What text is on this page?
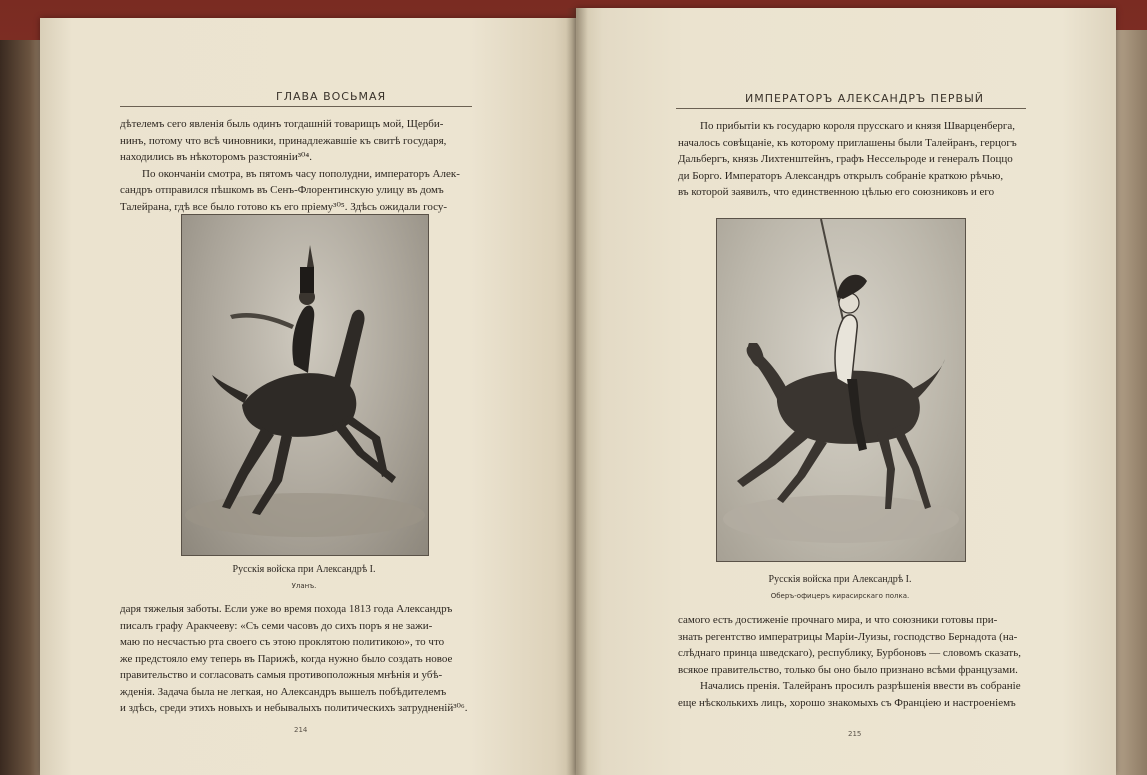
ГЛАВА ВОСЬМАЯ
дѣтелемъ сего явленія быль одинъ тогдашній товарищъ мой, Щерби-
нинъ, потому что всѣ чиновники, принадлежавшіе къ свитѣ государя,
находились въ нѣкоторомъ разстояніи³⁰⁴.
По окончаніи смотра, въ пятомъ часу пополудни, императоръ Алек-
сандръ отправился пѣшкомъ въ Сенъ-Флорентинскую улицу въ домъ
Талейрана, гдѣ все было готово къ его пріему³⁰⁵. Здѣсь ожидали госу-
Русскія войска при Александрѣ I.
Уланъ.
даря тяжелыя заботы. Если уже во время похода 1813 года Александръ
писалъ графу Аракчееву: «Съ семи часовъ до сихъ поръ я не зажи-
маю по несчастью рта своего съ этою проклятою политикою», то что
же предстояло ему теперь въ Парижѣ, когда нужно было создать новое
правительство и согласовать самыя противоположныя мнѣнія и убѣ-
жденія. Задача была не легкая, но Александръ вышелъ побѣдителемъ
и здѣсь, среди этихъ новыхъ и небывалыхъ политическихъ затрудненій³⁰⁶.
214
ИМПЕРАТОРЪ АЛЕКСАНДРЪ ПЕРВЫЙ
По прибытіи къ государю короля прусскаго и князя Шварценберга,
началось совѣщаніе, къ которому приглашены были Талейранъ, герцогъ
Дальбергъ, князь Лихтенштейнъ, графъ Нессельроде и генералъ Поццо
ди Борго. Императоръ Александръ открылъ собраніе краткою рѣчью,
въ которой заявилъ, что единственною цѣлью его союзниковъ и его
Русскія войска при Александрѣ I.
Оберъ-офицеръ кирасирскаго полка.
самого есть достиженіе прочнаго мира, и что союзники готовы при-
знать регентство императрицы Маріи-Луизы, господство Бернадота (на-
слѣднаго принца шведскаго), республику, Бурбоновъ — словомъ сказать,
всякое правительство, только бы оно было признано всѣми французами.
Начались пренія. Талейранъ просилъ разрѣшенія ввести въ собраніе
еще нѣсколькихъ лицъ, хорошо знакомыхъ съ Франціею и настроеніемъ
215
